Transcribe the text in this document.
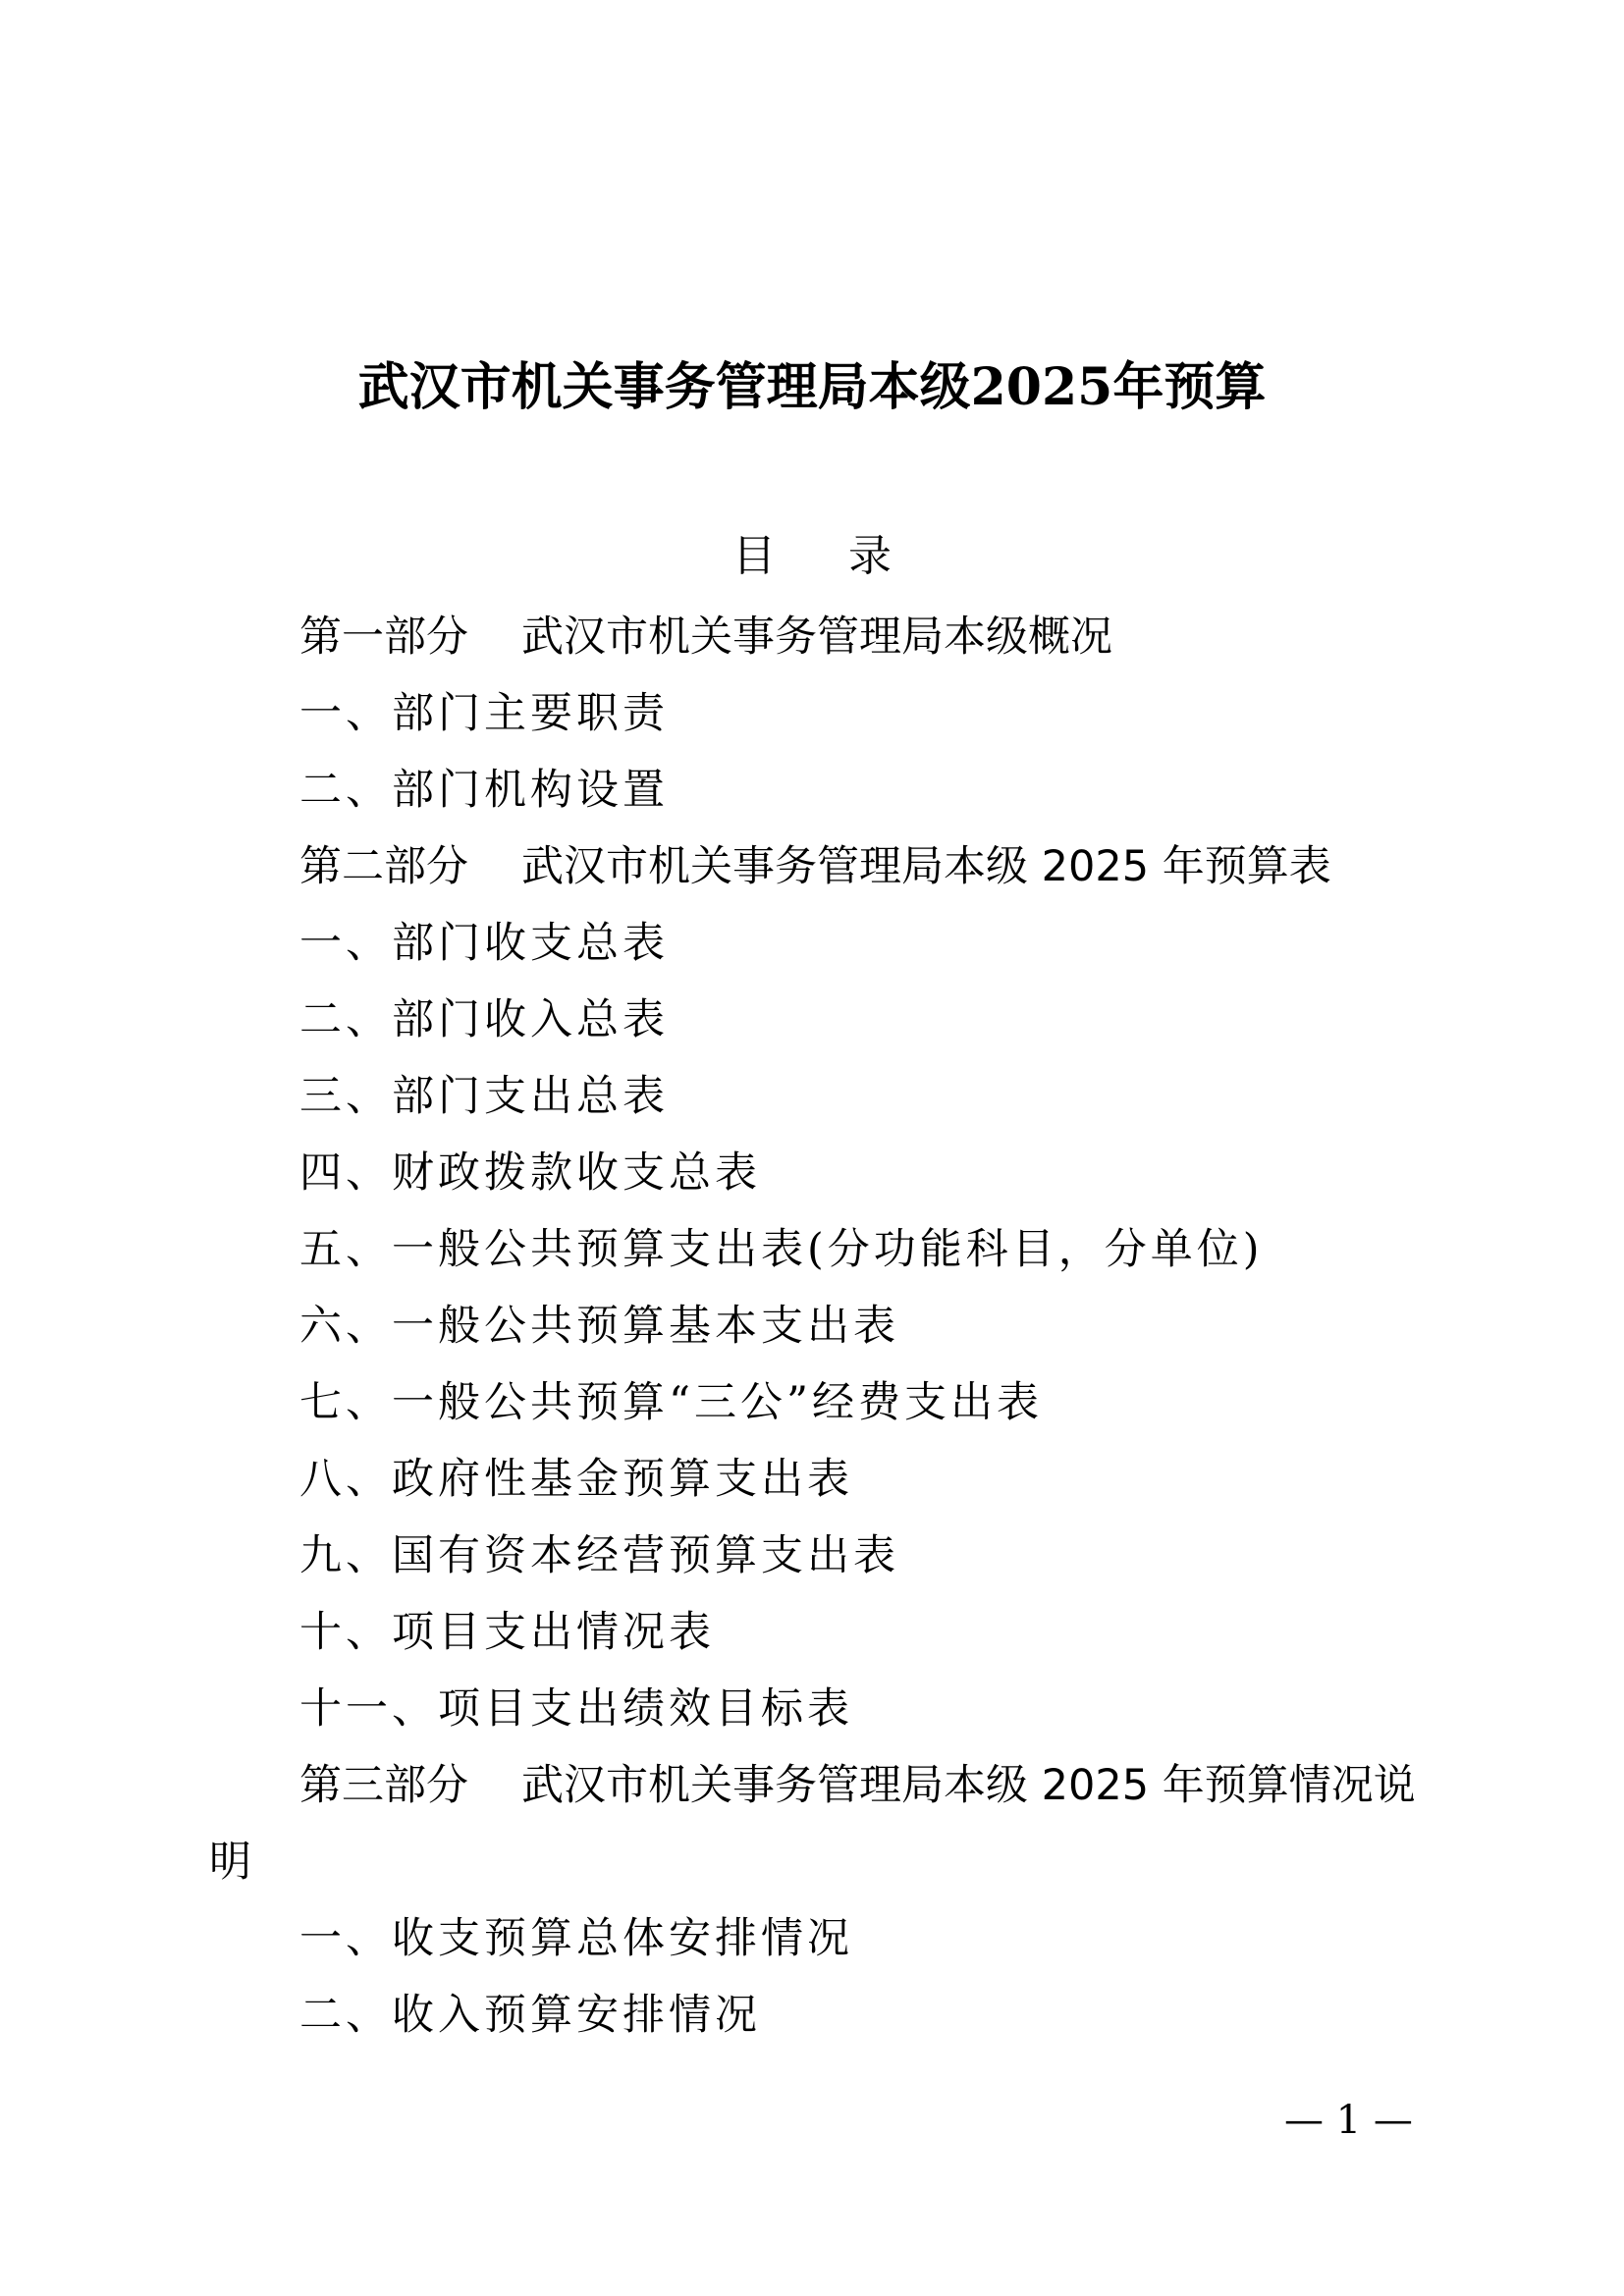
武汉市机关事务管理局本级2025年预算
目 录
第一部分 武汉市机关事务管理局本级概况
一、部门主要职责
二、部门机构设置
第二部分 武汉市机关事务管理局本级 2025 年预算表
一、部门收支总表
二、部门收入总表
三、部门支出总表
四、财政拨款收支总表
五、一般公共预算支出表(分功能科目，分单位)
六、一般公共预算基本支出表
七、一般公共预算“三公”经费支出表
八、政府性基金预算支出表
九、国有资本经营预算支出表
十、项目支出情况表
十一、项目支出绩效目标表
第三部分 武汉市机关事务管理局本级 2025 年预算情况说
明
一、收支预算总体安排情况
二、收入预算安排情况
— 1 —
